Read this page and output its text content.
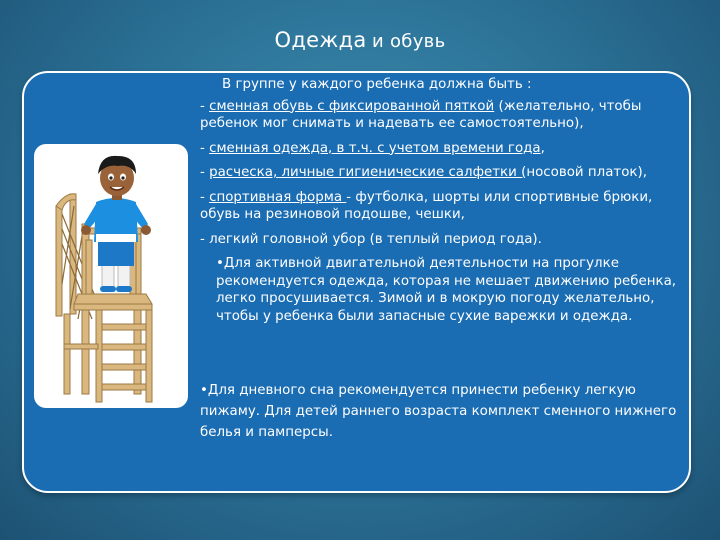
Одежда и обувь
В группе у каждого ребенка должна быть :
- сменная обувь с фиксированной пяткой (желательно, чтобы ребенок мог снимать и надевать ее самостоятельно),
- сменная одежда, в т.ч. с учетом времени года,
- расческа, личные гигиенические салфетки (носовой платок),
- спортивная форма - футболка, шорты или спортивные брюки, обувь на резиновой подошве, чешки,
- легкий головной убор (в теплый период года).
•Для активной двигательной деятельности на прогулке рекомендуется одежда, которая не мешает движению ребенка, легко просушивается. Зимой и в мокрую погоду желательно, чтобы у ребенка были запасные сухие варежки и одежда.
•Для дневного сна рекомендуется принести ребенку легкую пижаму. Для детей раннего возраста комплект сменного нижнего белья и памперсы.
